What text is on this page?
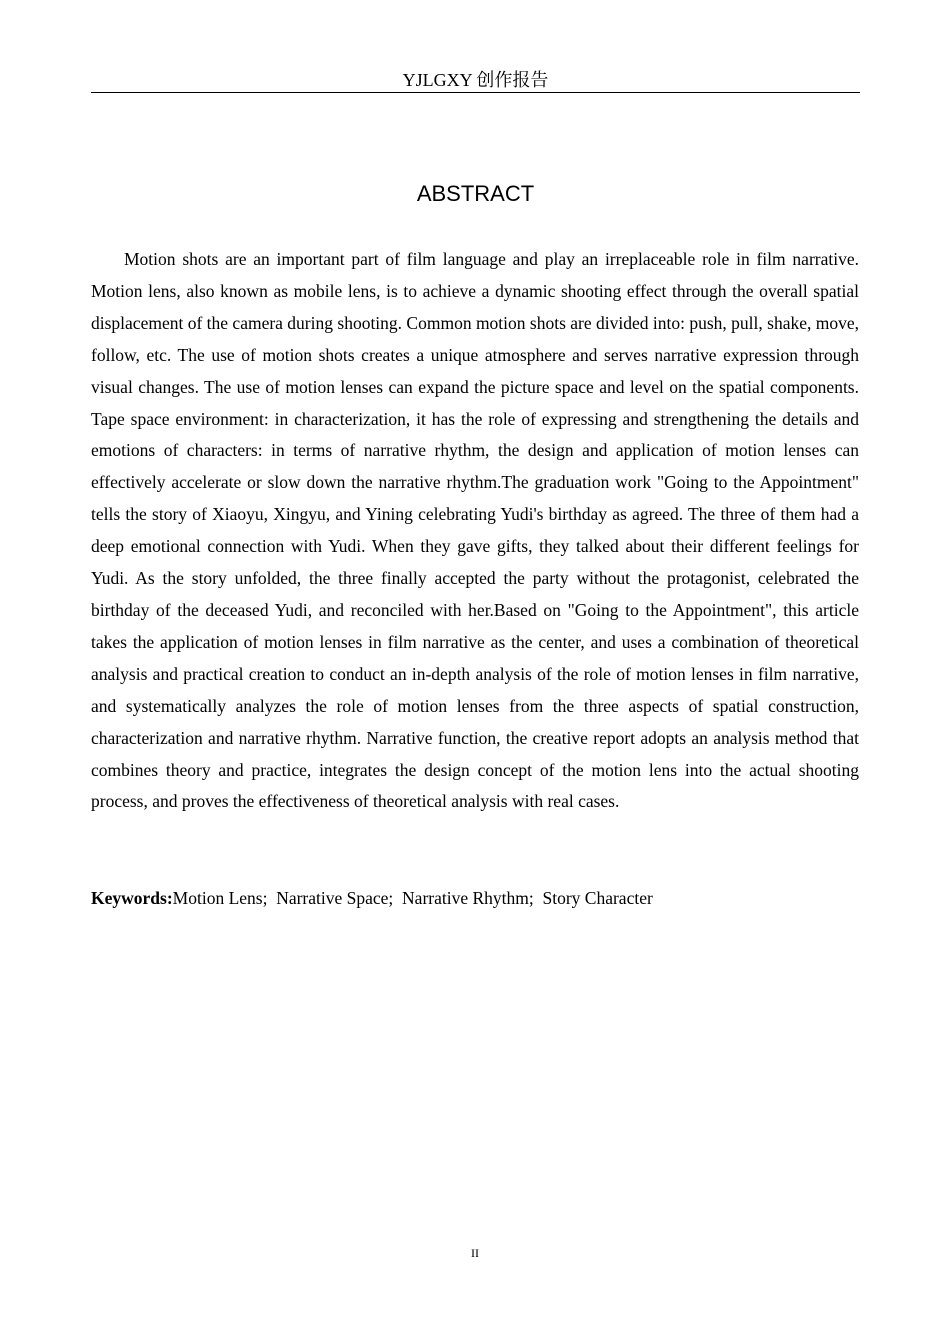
YJLGXY 创作报告
ABSTRACT

Motion shots are an important part of film language and play an irreplaceable role in film narrative. Motion lens, also known as mobile lens, is to achieve a dynamic shooting effect through the overall spatial displacement of the camera during shooting. Common motion shots are divided into: push, pull, shake, move, follow, etc. The use of motion shots creates a unique atmosphere and serves narrative expression through visual changes. The use of motion lenses can expand the picture space and level on the spatial components. Tape space environment: in characterization, it has the role of expressing and strengthening the details and emotions of characters: in terms of narrative rhythm, the design and application of motion lenses can effectively accelerate or slow down the narrative rhythm.The graduation work "Going to the Appointment" tells the story of Xiaoyu, Xingyu, and Yining celebrating Yudi's birthday as agreed. The three of them had a deep emotional connection with Yudi. When they gave gifts, they talked about their different feelings for Yudi. As the story unfolded, the three finally accepted the party without the protagonist, celebrated the birthday of the deceased Yudi, and reconciled with her.Based on "Going to the Appointment", this article takes the application of motion lenses in film narrative as the center, and uses a combination of theoretical analysis and practical creation to conduct an in-depth analysis of the role of motion lenses in film narrative, and systematically analyzes the role of motion lenses from the three aspects of spatial construction, characterization and narrative rhythm. Narrative function, the creative report adopts an analysis method that combines theory and practice, integrates the design concept of the motion lens into the actual shooting process, and proves the effectiveness of theoretical analysis with real cases.

Keywords:Motion Lens;  Narrative Space;  Narrative Rhythm;  Story Character

II
